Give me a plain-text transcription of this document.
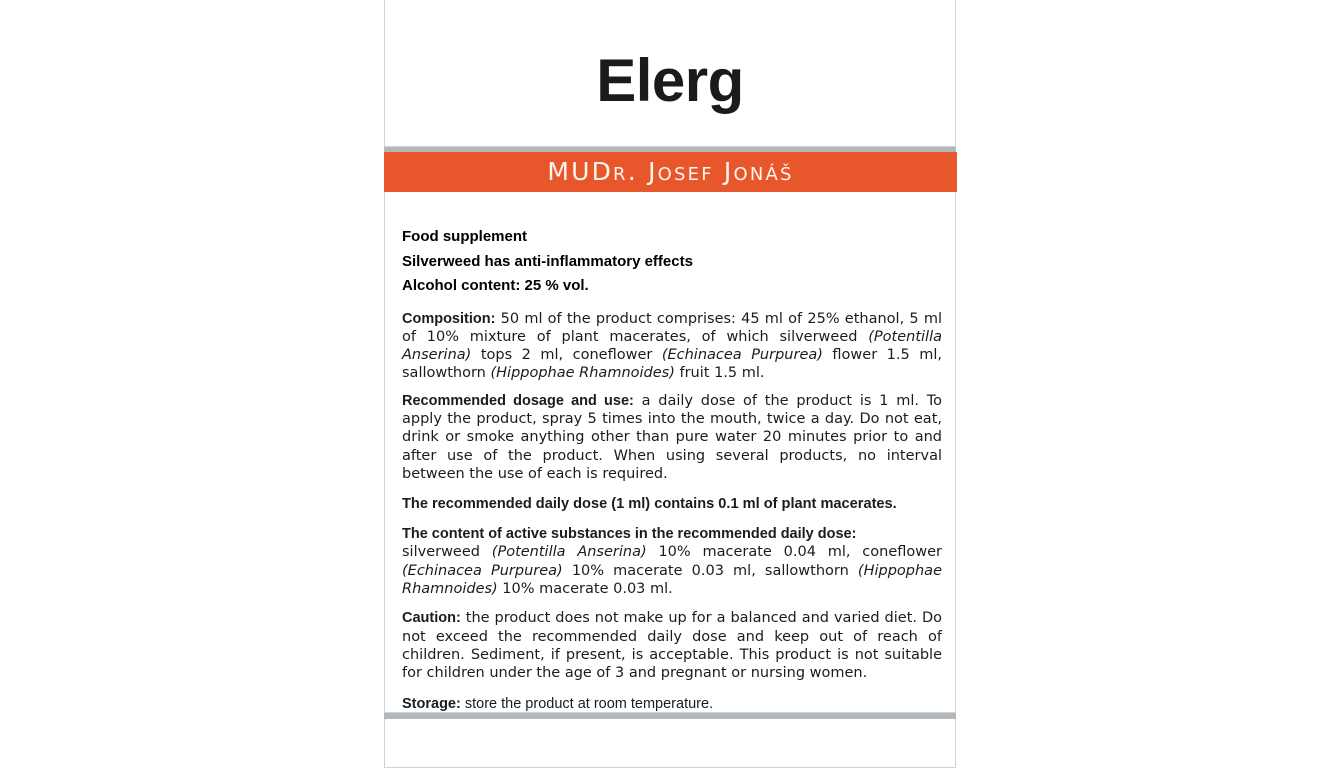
Elerg
MUDr. Josef Jonáš
Food supplement
Silverweed has anti-inflammatory effects
Alcohol content: 25 % vol.

Composition: 50 ml of the product comprises: 45 ml of 25% ethanol, 5 ml of 10% mixture of plant macerates, of which silverweed (Potentilla Anserina) tops 2 ml, coneflower (Echinacea Purpurea) flower 1.5 ml, sallowthorn (Hippophae Rhamnoides) fruit 1.5 ml.

Recommended dosage and use: a daily dose of the product is 1 ml. To apply the product, spray 5 times into the mouth, twice a day. Do not eat, drink or smoke anything other than pure water 20 minutes prior to and after use of the product. When using several products, no interval between the use of each is required.

The recommended daily dose (1 ml) contains 0.1 ml of plant macerates.

The content of active substances in the recommended daily dose:
silverweed (Potentilla Anserina) 10% macerate 0.04 ml, coneflower (Echinacea Purpurea) 10% macerate 0.03 ml, sallowthorn (Hippophae Rhamnoides) 10% macerate 0.03 ml.

Caution: the product does not make up for a balanced and varied diet. Do not exceed the recommended daily dose and keep out of reach of children. Sediment, if present, is acceptable. This product is not suitable for children under the age of 3 and pregnant or nursing women.

Storage: store the product at room temperature.
